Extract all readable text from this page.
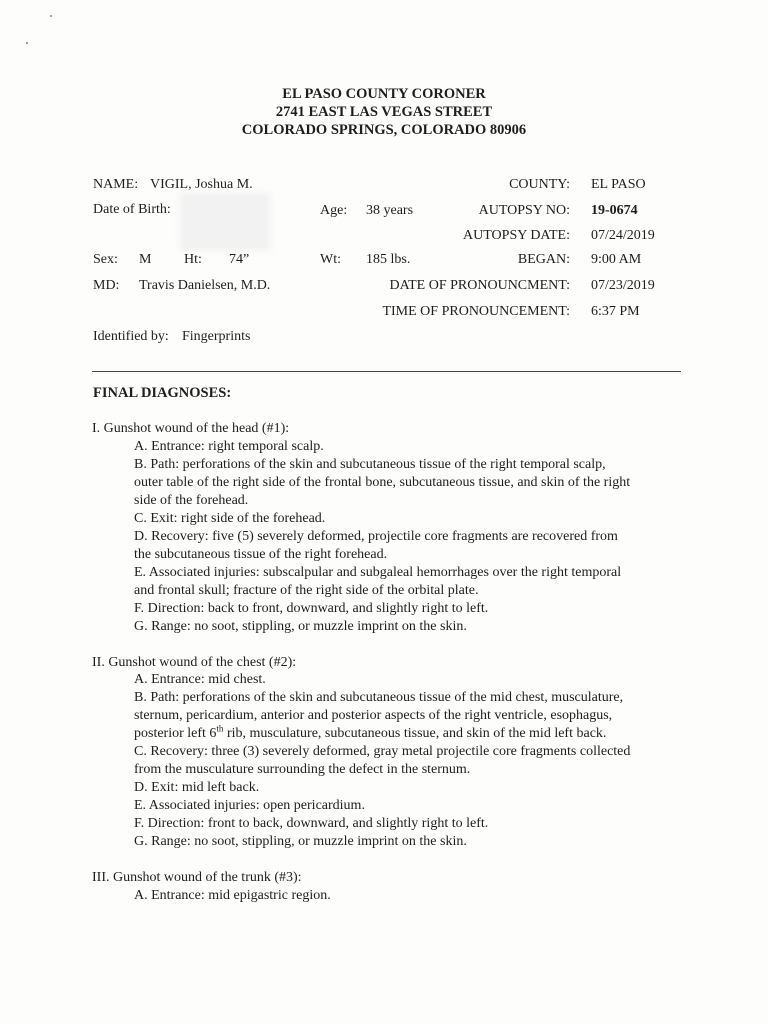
EL PASO COUNTY CORONER
2741 EAST LAS VEGAS STREET
COLORADO SPRINGS, COLORADO 80906
NAME: VIGIL, Joshua M.
Date of Birth:	Age: 38 years
Sex: M Ht: 74”	Wt: 185 lbs.
MD: Travis Danielsen, M.D.
Identified by: Fingerprints
COUNTY: EL PASO
AUTOPSY NO: 19-0674
AUTOPSY DATE: 07/24/2019
BEGAN: 9:00 AM
DATE OF PRONOUNCMENT: 07/23/2019
TIME OF PRONOUNCEMENT: 6:37 PM
FINAL DIAGNOSES:
I. Gunshot wound of the head (#1):
A. Entrance: right temporal scalp.
B. Path: perforations of the skin and subcutaneous tissue of the right temporal scalp,
outer table of the right side of the frontal bone, subcutaneous tissue, and skin of the right
side of the forehead.
C. Exit: right side of the forehead.
D. Recovery: five (5) severely deformed, projectile core fragments are recovered from
the subcutaneous tissue of the right forehead.
E. Associated injuries: subscalpular and subgaleal hemorrhages over the right temporal
and frontal skull; fracture of the right side of the orbital plate.
F. Direction: back to front, downward, and slightly right to left.
G. Range: no soot, stippling, or muzzle imprint on the skin.
II. Gunshot wound of the chest (#2):
A. Entrance: mid chest.
B. Path: perforations of the skin and subcutaneous tissue of the mid chest, musculature,
sternum, pericardium, anterior and posterior aspects of the right ventricle, esophagus,
posterior left 6th rib, musculature, subcutaneous tissue, and skin of the mid left back.
C. Recovery: three (3) severely deformed, gray metal projectile core fragments collected
from the musculature surrounding the defect in the sternum.
D. Exit: mid left back.
E. Associated injuries: open pericardium.
F. Direction: front to back, downward, and slightly right to left.
G. Range: no soot, stippling, or muzzle imprint on the skin.
III. Gunshot wound of the trunk (#3):
A. Entrance: mid epigastric region.
